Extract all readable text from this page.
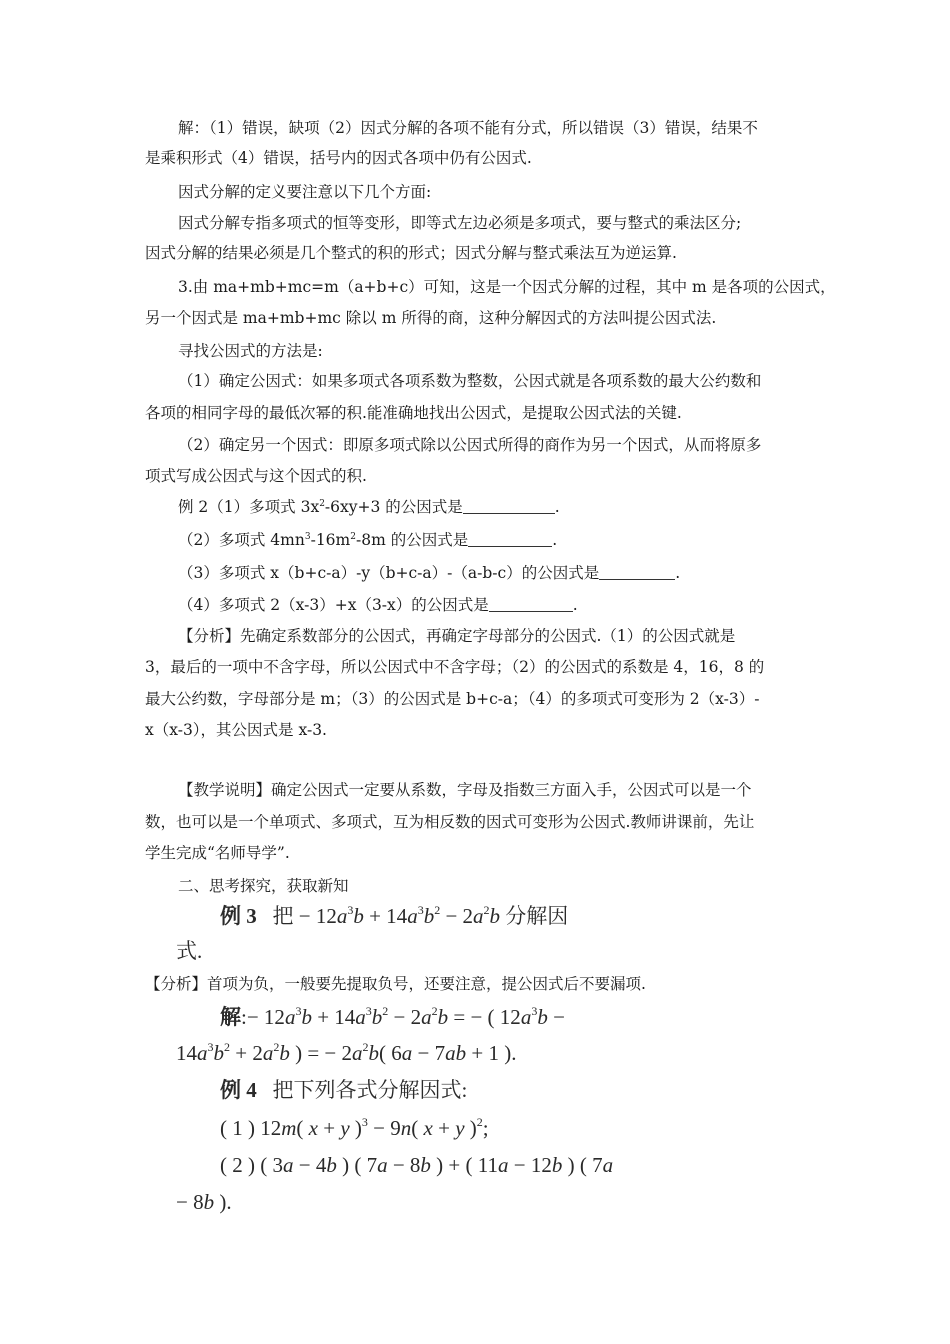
解：（1）错误，缺项（2）因式分解的各项不能有分式，所以错误（3）错误，结果不
是乘积形式（4）错误，括号内的因式各项中仍有公因式.
因式分解的定义要注意以下几个方面:
因式分解专指多项式的恒等变形，即等式左边必须是多项式，要与整式的乘法区分;
因式分解的结果必须是几个整式的积的形式；因式分解与整式乘法互为逆运算.
3.由 ma+mb+mc=m（a+b+c）可知，这是一个因式分解的过程，其中 m 是各项的公因式，
另一个因式是 ma+mb+mc 除以 m 所得的商，这种分解因式的方法叫提公因式法.
寻找公因式的方法是:
（1）确定公因式：如果多项式各项系数为整数，公因式就是各项系数的最大公约数和
各项的相同字母的最低次幂的积.能准确地找出公因式，是提取公因式法的关键.
（2）确定另一个因式：即原多项式除以公因式所得的商作为另一个因式，从而将原多
项式写成公因式与这个因式的积.
例 2（1）多项式 $3x^2-6xy+3$ 的公因式是	.
（2）多项式 $4mn^3-16m^2-8m$ 的公因式是	.
（3）多项式 x（b+c-a）-y（b+c-a）-（a-b-c）的公因式是	.
（4）多项式 2（x-3）+x（3-x）的公因式是	.
【分析】先确定系数部分的公因式，再确定字母部分的公因式.（1）的公因式就是
3，最后的一项中不含字母，所以公因式中不含字母；（2）的公因式的系数是 4，16，8 的
最大公约数，字母部分是 m；（3）的公因式是 b+c-a；（4）的多项式可变形为 2（x-3）-
x（x-3），其公因式是 x-3.
【教学说明】确定公因式一定要从系数，字母及指数三方面入手，公因式可以是一个
数，也可以是一个单项式、多项式，互为相反数的因式可变形为公因式.教师讲课前，先让
学生完成“名师导学”.
二、思考探究，获取新知
例 3 把 − $12a^3b + 14a^3b^2 - 2a^2b$ 分解因
式.
【分析】首项为负，一般要先提取负号，还要注意，提公因式后不要漏项.
解:− $12a^3b + 14a^3b^2 - 2a^2b$ = − ( $12a^3b$ −
$14a^3b^2 + 2a^2b$ ) = − $2a^2b$( 6a − 7ab + 1 ).
例 4 把下列各式分解因式:
( 1 ) 12m( x + y )$^3$ − 9n( x + y )$^2$;
( 2 ) ( 3a − 4b ) ( 7a − 8b ) + ( 11a − 12b ) ( 7a
− 8b ).
